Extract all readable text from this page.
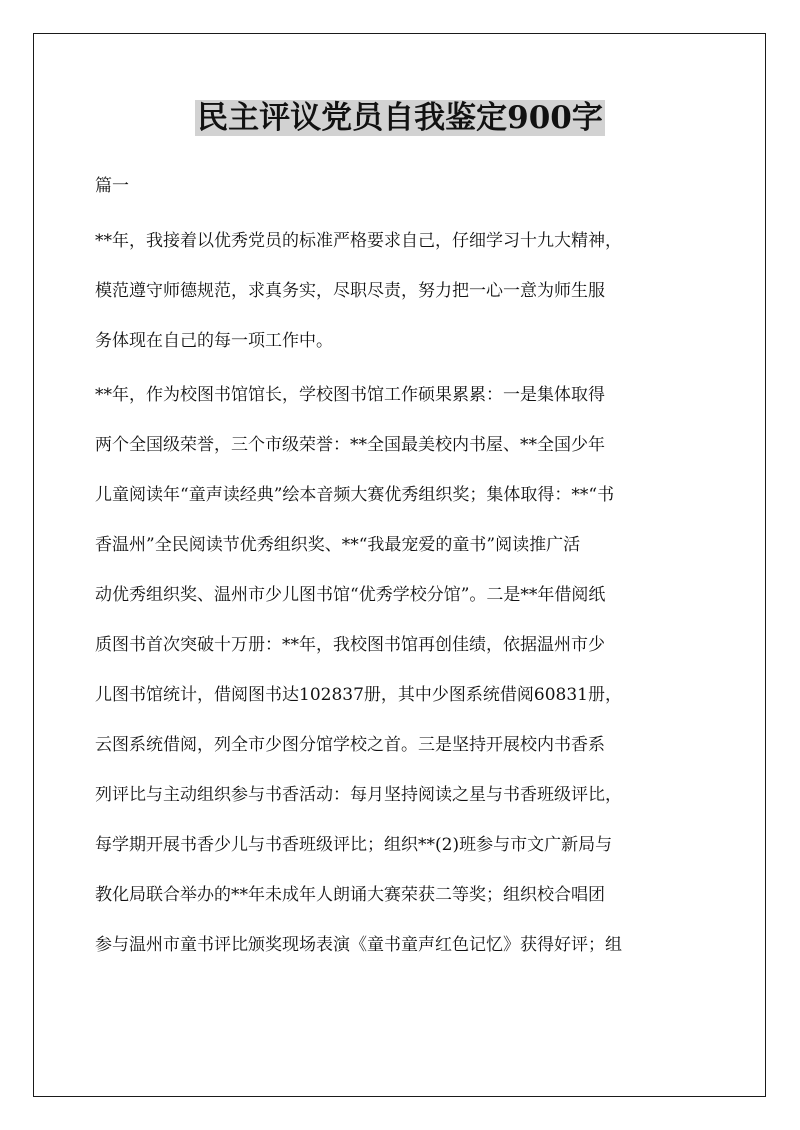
民主评议党员自我鉴定900字
篇一

**年，我接着以优秀党员的标准严格要求自己，仔细学习十九大精神，
模范遵守师德规范，求真务实，尽职尽责，努力把一心一意为师生服
务体现在自己的每一项工作中。

**年，作为校图书馆馆长，学校图书馆工作硕果累累：一是集体取得
两个全国级荣誉，三个市级荣誉：**全国最美校内书屋、**全国少年
儿童阅读年“童声读经典”绘本音频大赛优秀组织奖；集体取得：**“书
香温州”全民阅读节优秀组织奖、**“我最宠爱的童书”阅读推广活
动优秀组织奖、温州市少儿图书馆“优秀学校分馆”。二是**年借阅纸
质图书首次突破十万册：**年，我校图书馆再创佳绩，依据温州市少
儿图书馆统计，借阅图书达102837册，其中少图系统借阅60831册，
云图系统借阅，列全市少图分馆学校之首。三是坚持开展校内书香系
列评比与主动组织参与书香活动：每月坚持阅读之星与书香班级评比，
每学期开展书香少儿与书香班级评比；组织**(2)班参与市文广新局与
教化局联合举办的**年未成年人朗诵大赛荣获二等奖；组织校合唱团
参与温州市童书评比颁奖现场表演《童书童声红色记忆》获得好评；组
